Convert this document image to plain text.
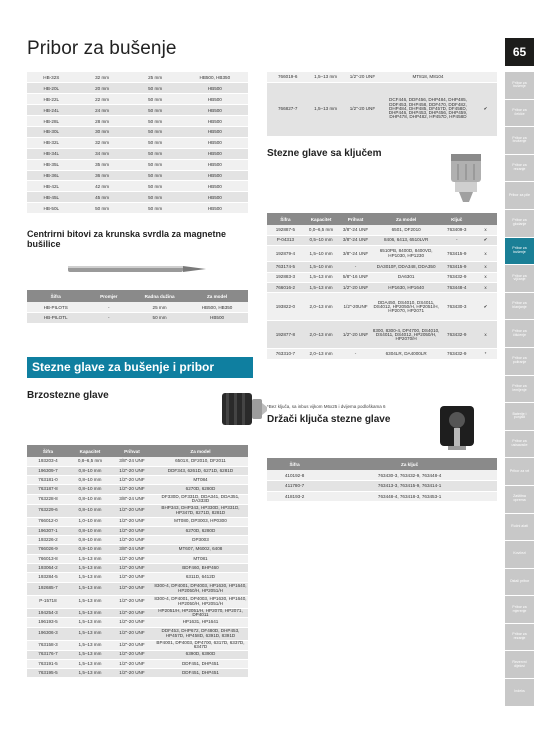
Pribor za bušenje	65
HB-32S	32 mm	25 mm	HB500, HB350
HB-20L	20 mm	50 mm	HB500
HB-22L	22 mm	50 mm	HB500
HB-24L	24 mm	50 mm	HB500
HB-28L	28 mm	50 mm	HB500
HB-30L	30 mm	50 mm	HB500
HB-32L	32 mm	50 mm	HB500
HB-34L	34 mm	50 mm	HB500
HB-35L	35 mm	50 mm	HB500
HB-36L	36 mm	50 mm	HB500
HB-42L	42 mm	50 mm	HB500
HB-45L	45 mm	50 mm	HB500
HB-50L	50 mm	50 mm	HB500
Centrirni bitovi za krunska svrdla za magnetne bušilice
Šifra	Promjer	Radna dužina	Za model
HB-PILOTS	-	25 mm	HB500, HB350
HB-PILOTL	-	50 mm	HB500
Stezne glave za bušenje i pribor
Brzostezne glave
Šifra	Kapacitet	Prihvat	Za model
193203-4	0,8–6,5 mm	3/8"-24 UNF	6501X, DF2010, DF2011
196309-7	0,8–10 mm	1/2"-20 UNF	DDF343, 6261D, 6271D, 6281D
763181-0	0,8–10 mm	1/2"-20 UNF	MT084
763187-8	0,8–10 mm	1/2"-20 UNF	6270D, 6280D
763228-8	0,8–10 mm	3/8"-24 UNF	DF330D, DF331D, DDA341, DDA351, DA333D
763229-6	0,8–10 mm	1/2"-20 UNF	BHP343, DHP343, HP330D, HP331D, HP347D, 8271D, 8281D
766012-0	1,0–10 mm	1/2"-20 UNF	MT080, DP3003, HP0300
196307-1	0,8–10 mm	1/2"-20 UNF	6270D, 6280D
193226-2	0,8–10 mm	1/2"-20 UNF	DP3003
766026-9	0,8–10 mm	3/8"-24 UNF	MT607, M6002, 6408
766013-8	1,5–13 mm	1/2"-20 UNF	MT081
193064-2	1,5–13 mm	1/2"-20 UNF	BDF460, BHP460
193284-5	1,5–13 mm	1/2"-20 UNF	6311D, 6412D
192685-7	1,5–13 mm	1/2"-20 UNF	8300-4, DP4001, DP4003, HP1630, HP1640, HP2050/H, HP2051/H
P-15718	1,5–13 mm	1/2"-20 UNF	8300-4, DP4001, DP4003, HP1630, HP1640, HP2050/H, HP2051/H
194254-3	1,5–13 mm	1/2"-20 UNF	HP2051/H, HP2051/H, HP2070, HP2071, DP4011
196193-5	1,5–13 mm	1/2"-20 UNF	HP1631, HP1641
196306-3	1,5–13 mm	1/2"-20 UNF	DDF453, DHP672, DF480D, DHP453, HP457D, HP458D, 6391D, 8391D
763158-3	1,5–13 mm	1/2"-20 UNF	BP4001, DP4003, DP4700, 6317D, 6337D, 6347D
763176-7	1,5–13 mm	1/2"-20 UNF	6390D, 6390D
763191-5	1,5–13 mm	1/2"-20 UNF	DDF451, DHP451
763195-5	1,5–13 mm	1/2"-20 UNF	DDF451, DHP451
766019-6	1,5–13 mm	1/2"-20 UNF	MT818, M8104	
766827-7	1,5–13 mm	1/2"-20 UNF	DCF446, DDF456, DHP484, DHP485, DDF453, DHP458, DDF470, DDF482, DHP484, DHP485, DF457D, DF458D, DHP446, DHP453, DHP456, DHP459, DHP478, DHP482, HP457D, HP458D	✔
Stezne glave sa ključem
Šifra	Kapacitet	Prihvat	Za model	Ključ	
192887-5	0,0–6,5 mm	3/8"-24 UNF	6501, DF2010	763409-3	x
P-04313	0,5–10 mm	3/8"-24 UNF	8406, 6413, 6510LVR	-	✔
192879-4	1,5–10 mm	3/8"-24 UNF	6510PB, 8400D, 8400VD, HP1030, HP1230	763415-9	x
763174-5	1,5–10 mm	-	DA3010F, DDA348, DDA350	763415-9	x
192883-3	1,5–13 mm	5/8"-16 UNF	DA6301	763432-9	x
766016-2	1,5–13 mm	1/2"-20 UNF	HP1630, HP1640	763448-4	x
193822-0	2,0–13 mm	1/2"-20UNF	DDA450, DS4010, DS4011, DS4012, HP2050/H, HP2051/H, HP2070, HP2071	763430-3	✔
192877-8	2,0–13 mm	1/2"-20 UNF	8300, 8300-4, DP4700, DS4010, DS4011, DS4012, HP2050/H, HP2070/H	763432-9	x
763310-7	2,0–13 mm	-	6304LR, DA4000LR	763432-9	*
*Bez ključa, sa inbus vijkom M6x25 i dvijema podloškama 6
Držači ključa stezne glave
Šifra	Za ključ
410192-8	763430-3, 763432-9, 763448-4
411780-7	763413-3, 763415-9, 763414-1
418193-2	763448-4, 763418-3, 763453-1
Pribor za bušenje
Pribor za čekiće
Pribor za brušenje
Pribor za rezanje
Pribor za pile
Pribor za glodanje
Pribor za bušenje
Pribor za vijčanje
Pribor za blanjanje
Pribor za čišćenje
Pribor za poliranje
Pribor za lemljenje
Baterije i punjači
Pribor za usisavače
Pribor za vrt
Zaštitna oprema
Ručni alati
Kovčezi
Ostali pribor
Pribor za mjerenje
Pribor za rezanje
Rezervni dijelovi
Indeks
